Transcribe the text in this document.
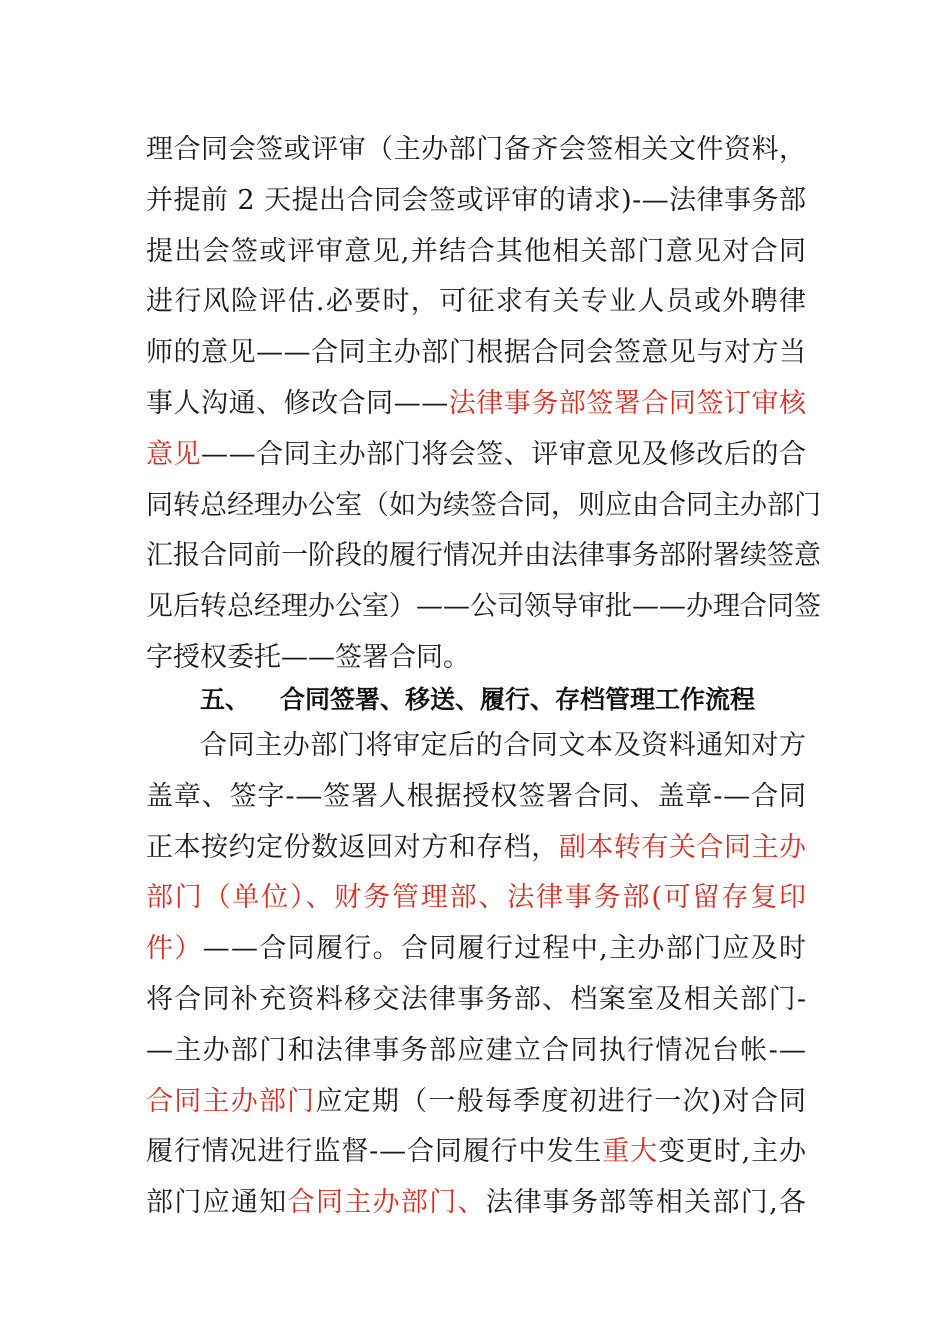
理合同会签或评审（主办部门备齐会签相关文件资料，
并提前 2 天提出合同会签或评审的请求)-—法律事务部
提出会签或评审意见,并结合其他相关部门意见对合同
进行风险评估.必要时，可征求有关专业人员或外聘律
师的意见——合同主办部门根据合同会签意见与对方当
事人沟通、修改合同—— 法律事务部签署合同签订审核
意见 ——合同主办部门将会签、评审意见及修改后的合
同转总经理办公室（如为续签合同，则应由合同主办部门
汇报合同前一阶段的履行情况并由法律事务部附署续签意
见后转总经理办公室）——公司领导审批——办理合同签
字授权委托——签署合同。
五、 合同签署、移送、履行、存档管理工作流程
合同主办部门将审定后的合同文本及资料通知对方
盖章、签字-—签署人根据授权签署合同、盖章-—合同
正本按约定份数返回对方和存档， 副本转有关合同主办
部门（单位）、财务管理部、法律事务部(可留存复印
件） ——合同履行。合同履行过程中,主办部门应及时
将合同补充资料移交法律事务部、档案室及相关部门-
—主办部门和法律事务部应建立合同执行情况台帐-—
合同主办部门 应定期（一般每季度初进行一次)对合同
履行情况进行监督-—合同履行中发生 重大 变更时,主办
部门应通知 合同主办部门、 法律事务部等相关部门,各
